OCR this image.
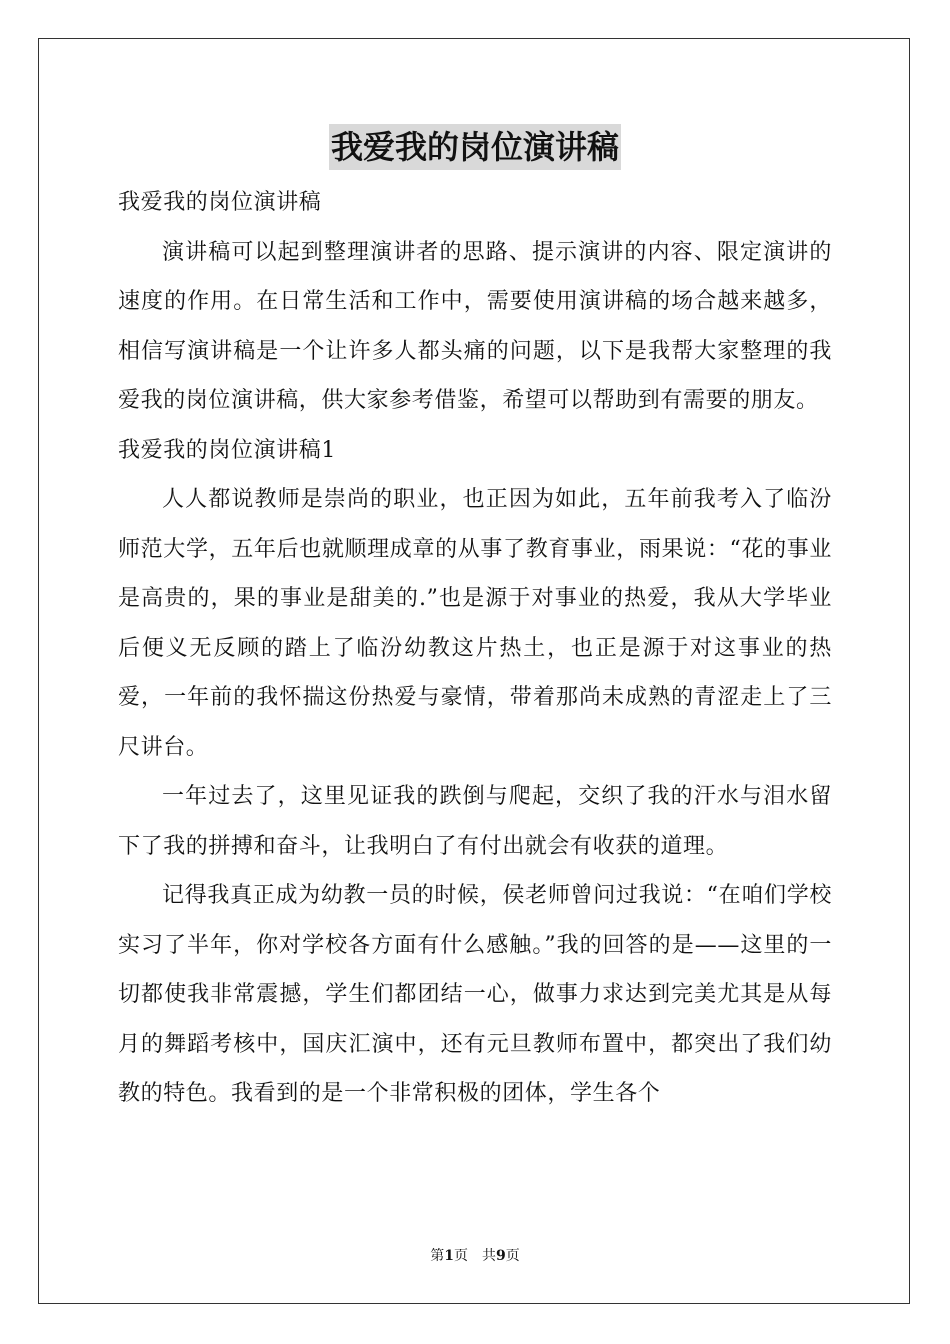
我爱我的岗位演讲稿

我爱我的岗位演讲稿

演讲稿可以起到整理演讲者的思路、提示演讲的内容、限定演讲的速度的作用。在日常生活和工作中，需要使用演讲稿的场合越来越多，相信写演讲稿是一个让许多人都头痛的问题，以下是我帮大家整理的我爱我的岗位演讲稿，供大家参考借鉴，希望可以帮助到有需要的朋友。

我爱我的岗位演讲稿1

人人都说教师是崇尚的职业，也正因为如此，五年前我考入了临汾师范大学，五年后也就顺理成章的从事了教育事业，雨果说：“花的事业是高贵的，果的事业是甜美的.”也是源于对事业的热爱，我从大学毕业后便义无反顾的踏上了临汾幼教这片热土，也正是源于对这事业的热爱，一年前的我怀揣这份热爱与豪情，带着那尚未成熟的青涩走上了三尺讲台。

一年过去了，这里见证我的跌倒与爬起，交织了我的汗水与泪水留下了我的拼搏和奋斗，让我明白了有付出就会有收获的道理。

记得我真正成为幼教一员的时候，侯老师曾问过我说：“在咱们学校实习了半年，你对学校各方面有什么感触。”我的回答的是——这里的一切都使我非常震撼，学生们都团结一心，做事力求达到完美尤其是从每月的舞蹈考核中，国庆汇演中，还有元旦教师布置中，都突出了我们幼教的特色。我看到的是一个非常积极的团体，学生各个

第1页 共9页
